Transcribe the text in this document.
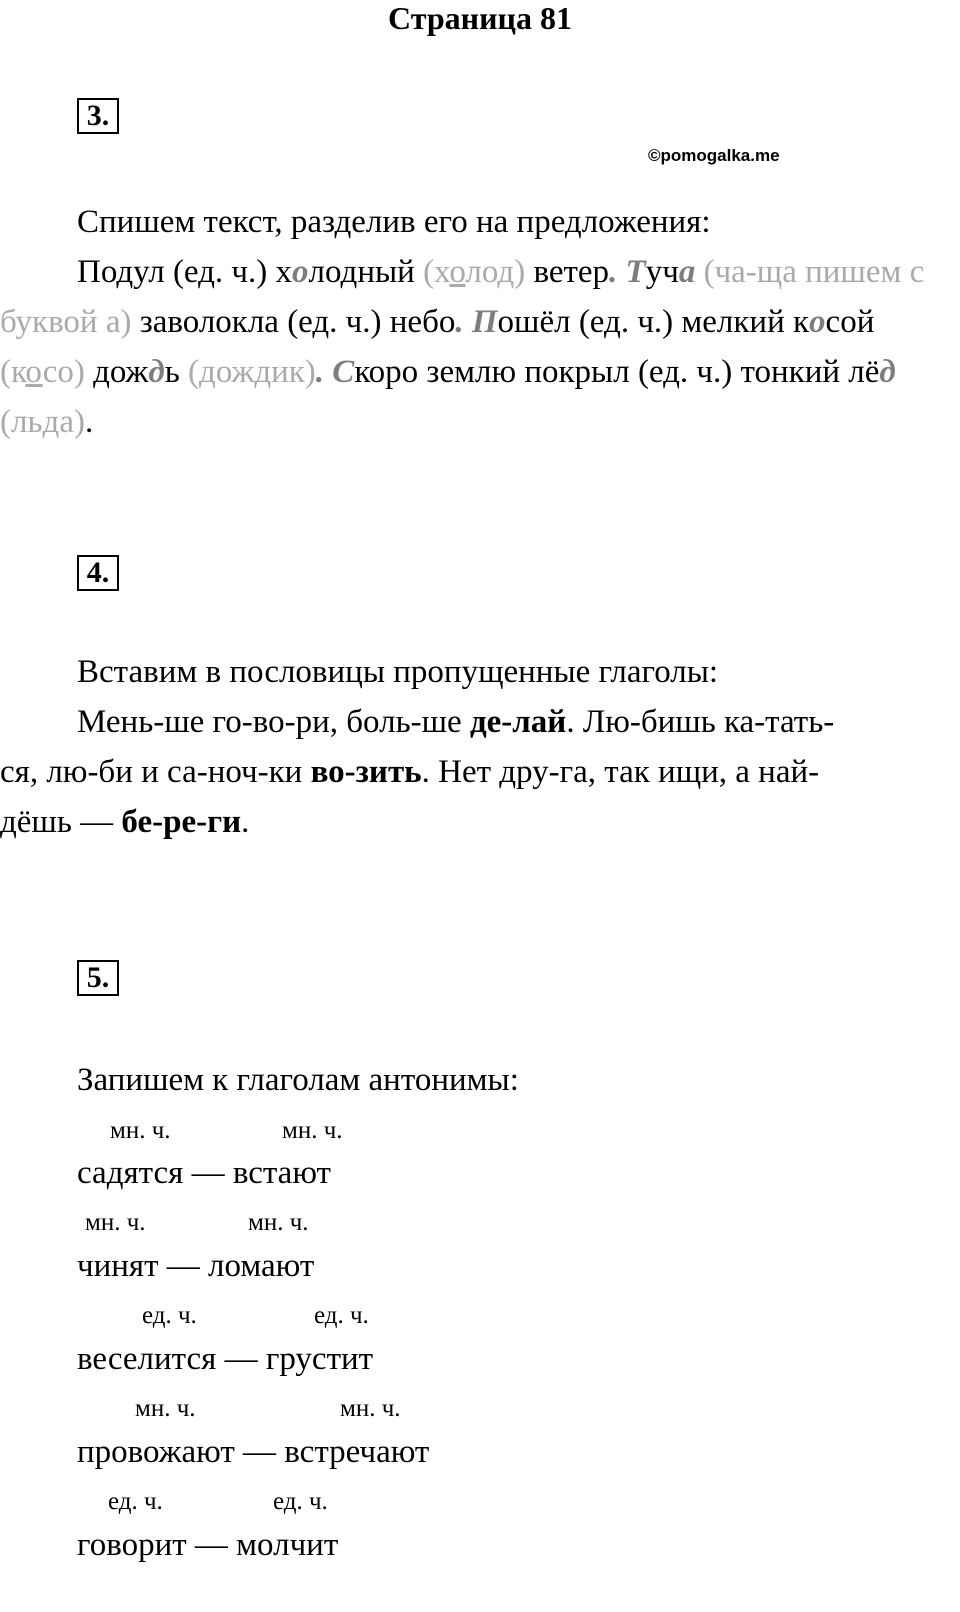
Страница 81
3.
©pomogalka.me
Спишем текст, разделив его на предложения:
Подул (ед. ч.) холодный (холод) ветер. Туча (ча-ща пишем с буквой а) заволокла (ед. ч.) небо. Пошёл (ед. ч.) мелкий косой (косо) дождь (дождик). Скоро землю покрыл (ед. ч.) тонкий лёд (льда).
4.
Вставим в пословицы пропущенные глаголы:
Мень-ше го-во-ри, боль-ше де-лай. Лю-бишь ка-тать-
ся, лю-би и са-ноч-ки во-зить. Нет дру-га, так ищи, а най-
дёшь — бе-ре-ги.
5.
Запишем к глаголам антонимы:
мн. ч.	мн. ч.
садятся — встают
мн. ч.	мн. ч.
чинят — ломают
ед. ч.	ед. ч.
веселится — грустит
мн. ч.	мн. ч.
провожают — встречают
ед. ч.	ед. ч.
говорит — молчит
